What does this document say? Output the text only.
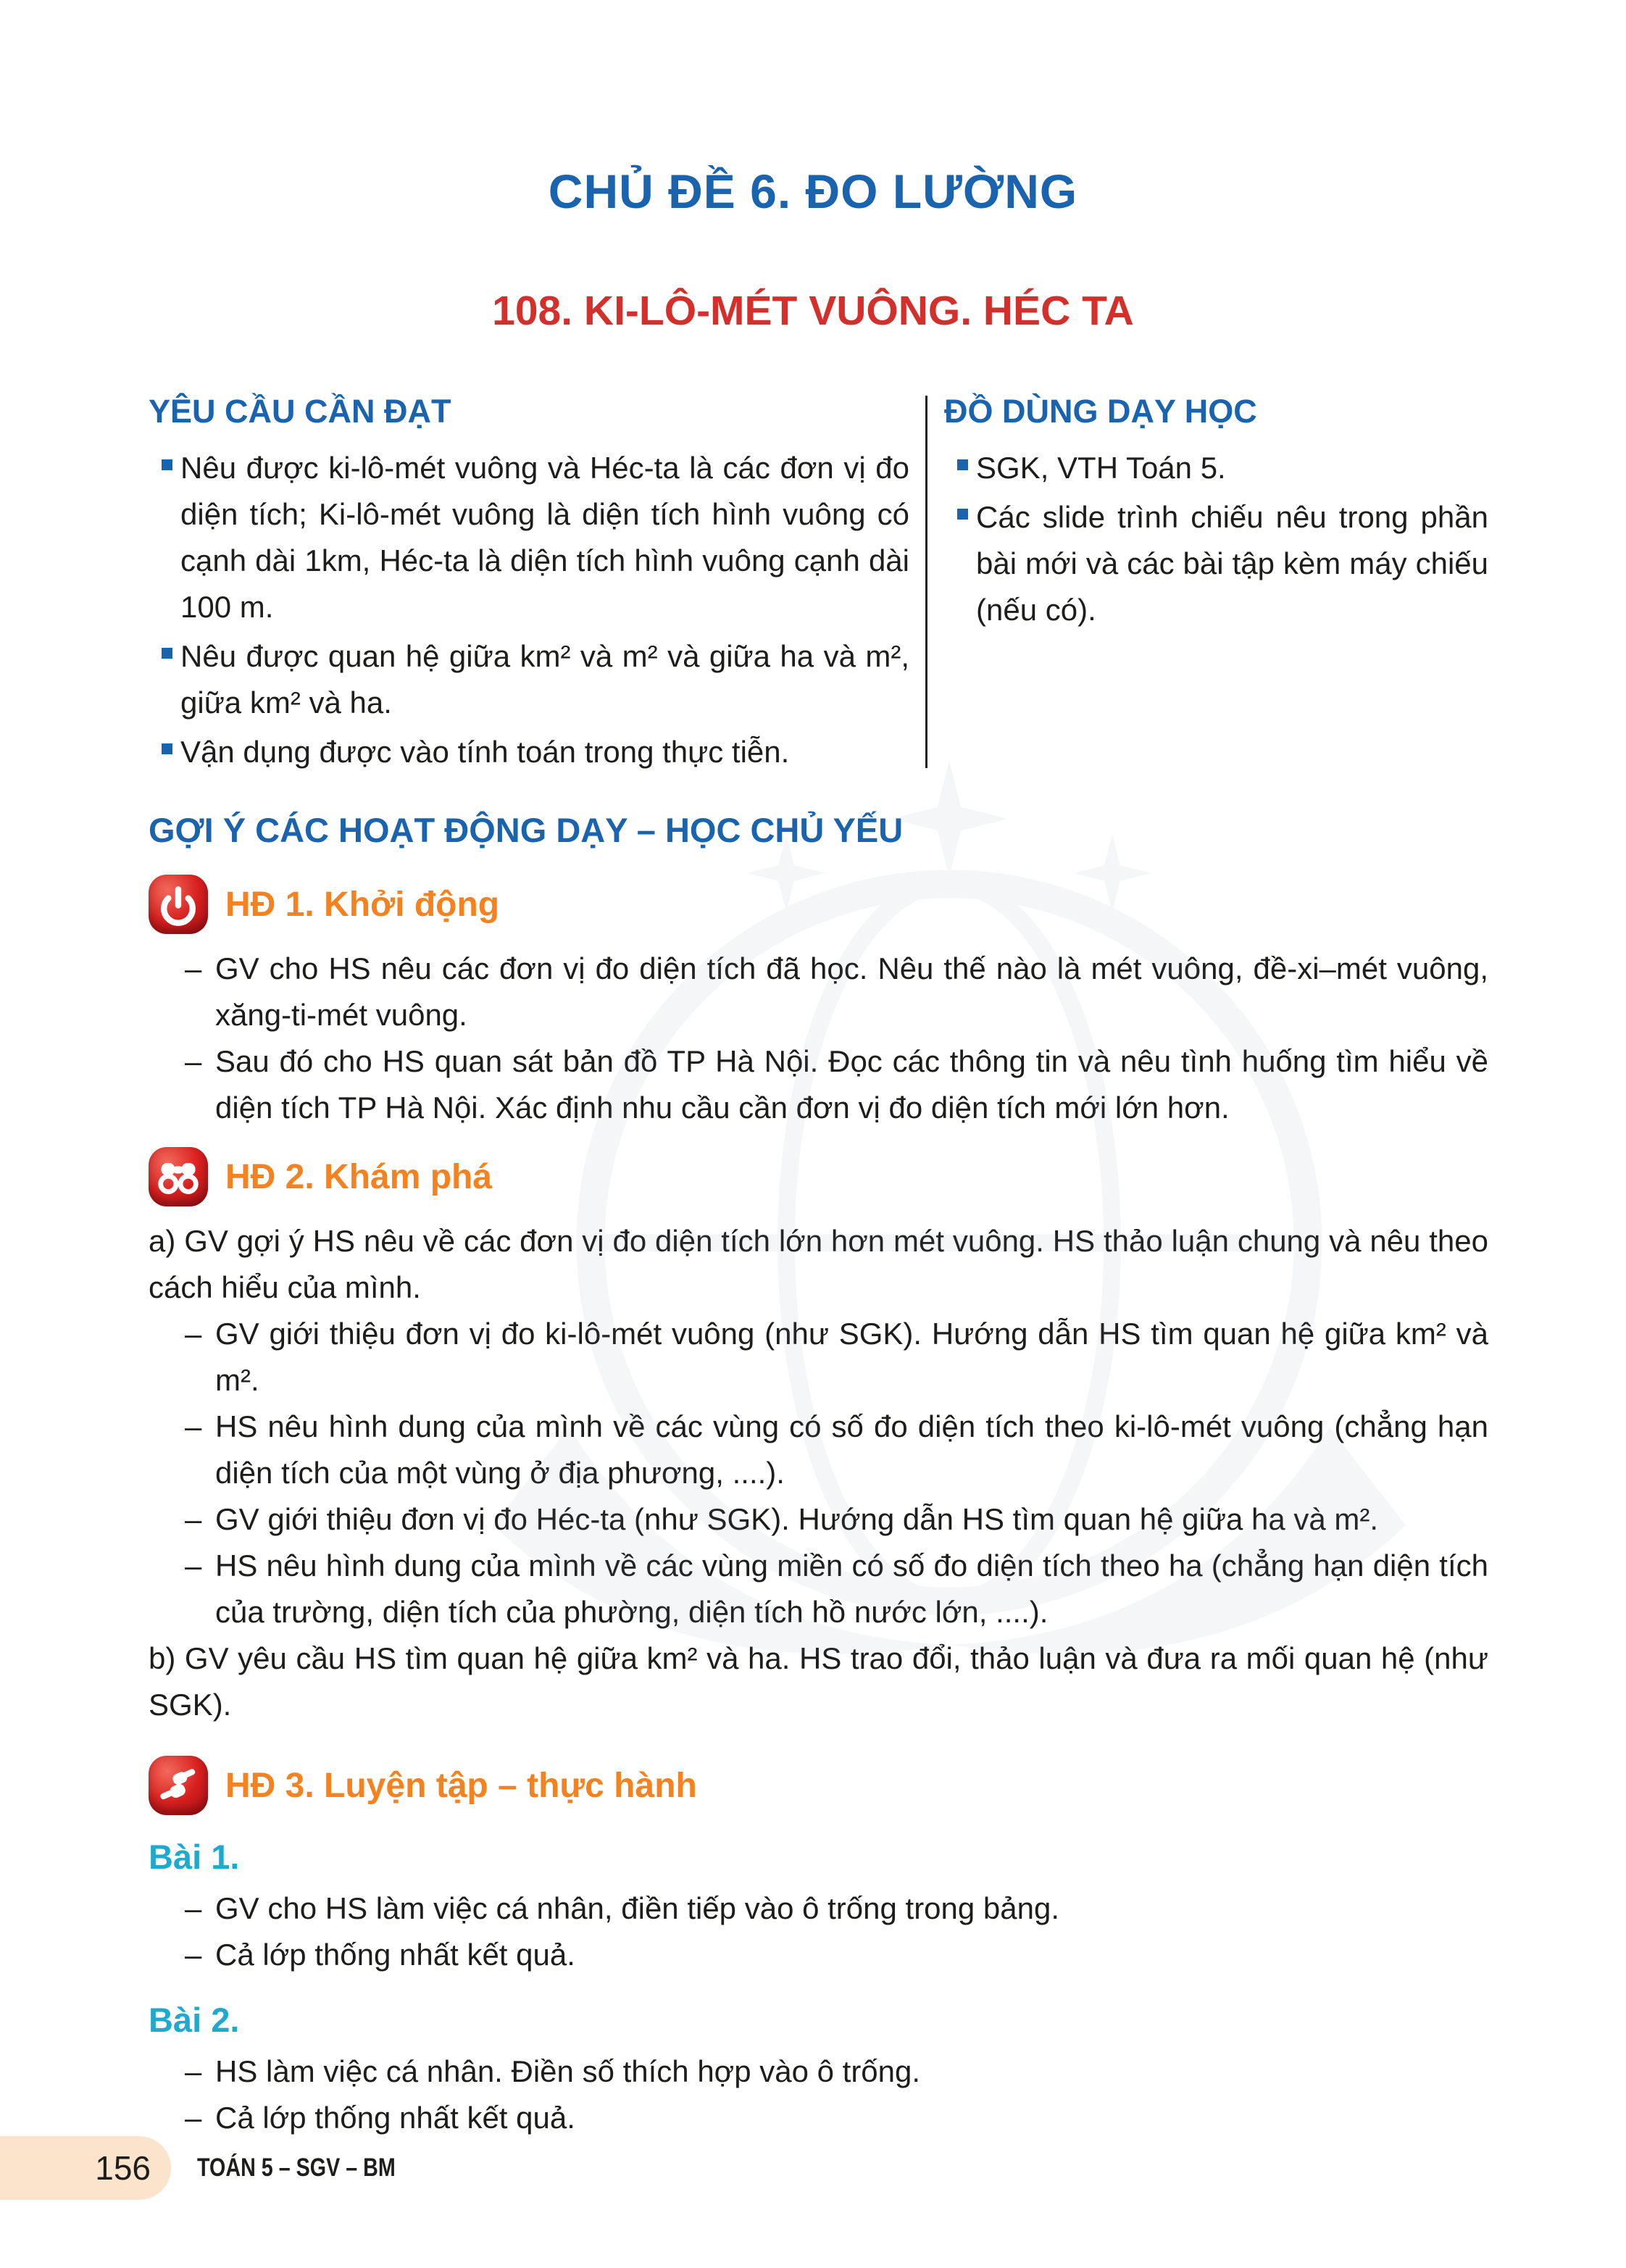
CHỦ ĐỀ 6. ĐO LƯỜNG
108. KI-LÔ-MÉT VUÔNG. HÉC TA
YÊU CẦU CẦN ĐẠT
Nêu được ki-lô-mét vuông và Héc-ta là các đơn vị đo diện tích; Ki-lô-mét vuông là diện tích hình vuông có cạnh dài 1km, Héc-ta là diện tích hình vuông cạnh dài 100 m.
Nêu được quan hệ giữa km² và m² và giữa ha và m², giữa km² và ha.
Vận dụng được vào tính toán trong thực tiễn.
ĐỒ DÙNG DẠY HỌC
SGK, VTH Toán 5.
Các slide trình chiếu nêu trong phần bài mới và các bài tập kèm máy chiếu (nếu có).
GỢI Ý CÁC HOẠT ĐỘNG DẠY – HỌC CHỦ YẾU
HĐ 1. Khởi động
– GV cho HS nêu các đơn vị đo diện tích đã học. Nêu thế nào là mét vuông, đề-xi–mét vuông, xăng-ti-mét vuông.
– Sau đó cho HS quan sát bản đồ TP Hà Nội. Đọc các thông tin và nêu tình huống tìm hiểu về diện tích TP Hà Nội. Xác định nhu cầu cần đơn vị đo diện tích mới lớn hơn.
HĐ 2. Khám phá
a) GV gợi ý HS nêu về các đơn vị đo diện tích lớn hơn mét vuông. HS thảo luận chung và nêu theo cách hiểu của mình.
– GV giới thiệu đơn vị đo ki-lô-mét vuông (như SGK). Hướng dẫn HS tìm quan hệ giữa km² và m².
– HS nêu hình dung của mình về các vùng có số đo diện tích theo ki-lô-mét vuông (chẳng hạn diện tích của một vùng ở địa phương, ....).
– GV giới thiệu đơn vị đo Héc-ta (như SGK). Hướng dẫn HS tìm quan hệ giữa ha và m².
– HS nêu hình dung của mình về các vùng miền có số đo diện tích theo ha (chẳng hạn diện tích của trường, diện tích của phường, diện tích hồ nước lớn, ....).
b) GV yêu cầu HS tìm quan hệ giữa km² và ha. HS trao đổi, thảo luận và đưa ra mối quan hệ (như SGK).
HĐ 3. Luyện tập – thực hành
Bài 1.
– GV cho HS làm việc cá nhân, điền tiếp vào ô trống trong bảng.
– Cả lớp thống nhất kết quả.
Bài 2.
– HS làm việc cá nhân. Điền số thích hợp vào ô trống.
– Cả lớp thống nhất kết quả.
156 TOÁN 5 – SGV – BM
